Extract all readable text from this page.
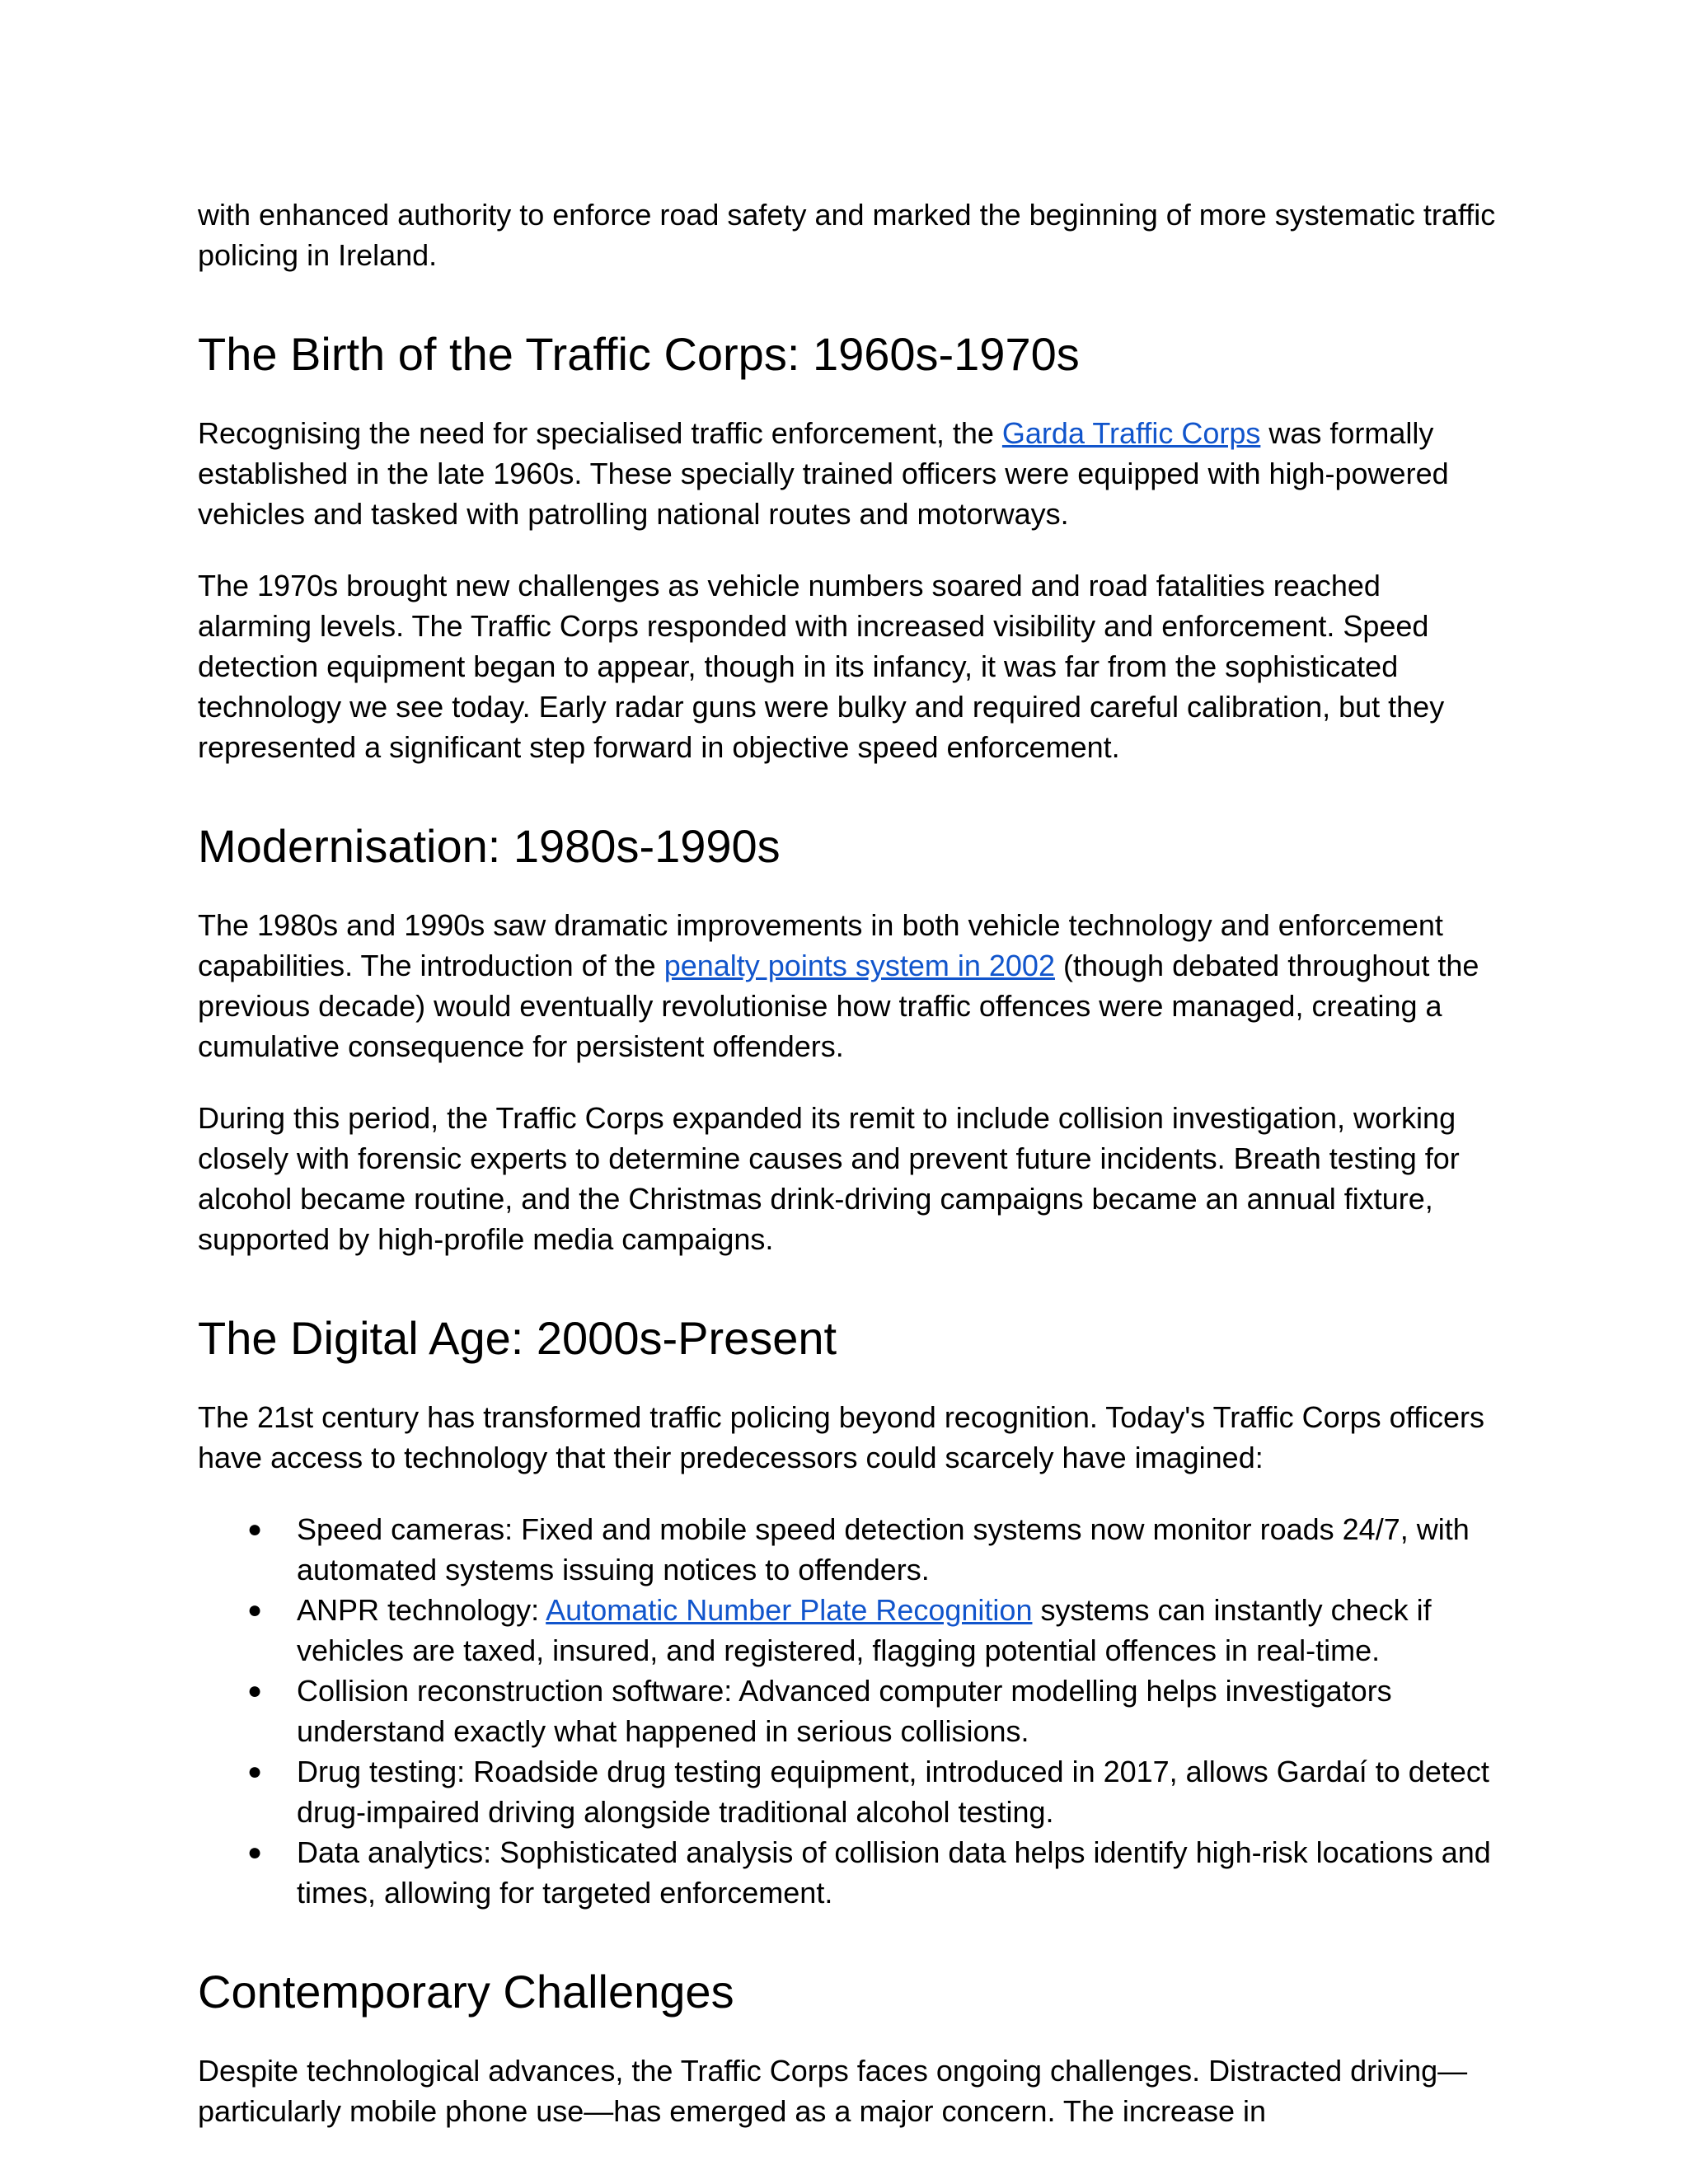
with enhanced authority to enforce road safety and marked the beginning of more systematic traffic policing in Ireland.

The Birth of the Traffic Corps: 1960s-1970s

Recognising the need for specialised traffic enforcement, the Garda Traffic Corps was formally established in the late 1960s. These specially trained officers were equipped with high-powered vehicles and tasked with patrolling national routes and motorways.

The 1970s brought new challenges as vehicle numbers soared and road fatalities reached alarming levels. The Traffic Corps responded with increased visibility and enforcement. Speed detection equipment began to appear, though in its infancy, it was far from the sophisticated technology we see today. Early radar guns were bulky and required careful calibration, but they represented a significant step forward in objective speed enforcement.

Modernisation: 1980s-1990s

The 1980s and 1990s saw dramatic improvements in both vehicle technology and enforcement capabilities. The introduction of the penalty points system in 2002 (though debated throughout the previous decade) would eventually revolutionise how traffic offences were managed, creating a cumulative consequence for persistent offenders.

During this period, the Traffic Corps expanded its remit to include collision investigation, working closely with forensic experts to determine causes and prevent future incidents. Breath testing for alcohol became routine, and the Christmas drink-driving campaigns became an annual fixture, supported by high-profile media campaigns.

The Digital Age: 2000s-Present

The 21st century has transformed traffic policing beyond recognition. Today's Traffic Corps officers have access to technology that their predecessors could scarcely have imagined:

● Speed cameras: Fixed and mobile speed detection systems now monitor roads 24/7, with automated systems issuing notices to offenders.
● ANPR technology: Automatic Number Plate Recognition systems can instantly check if vehicles are taxed, insured, and registered, flagging potential offences in real-time.
● Collision reconstruction software: Advanced computer modelling helps investigators understand exactly what happened in serious collisions.
● Drug testing: Roadside drug testing equipment, introduced in 2017, allows Gardaí to detect drug-impaired driving alongside traditional alcohol testing.
● Data analytics: Sophisticated analysis of collision data helps identify high-risk locations and times, allowing for targeted enforcement.
Contemporary Challenges

Despite technological advances, the Traffic Corps faces ongoing challenges. Distracted driving—particularly mobile phone use—has emerged as a major concern. The increase in
